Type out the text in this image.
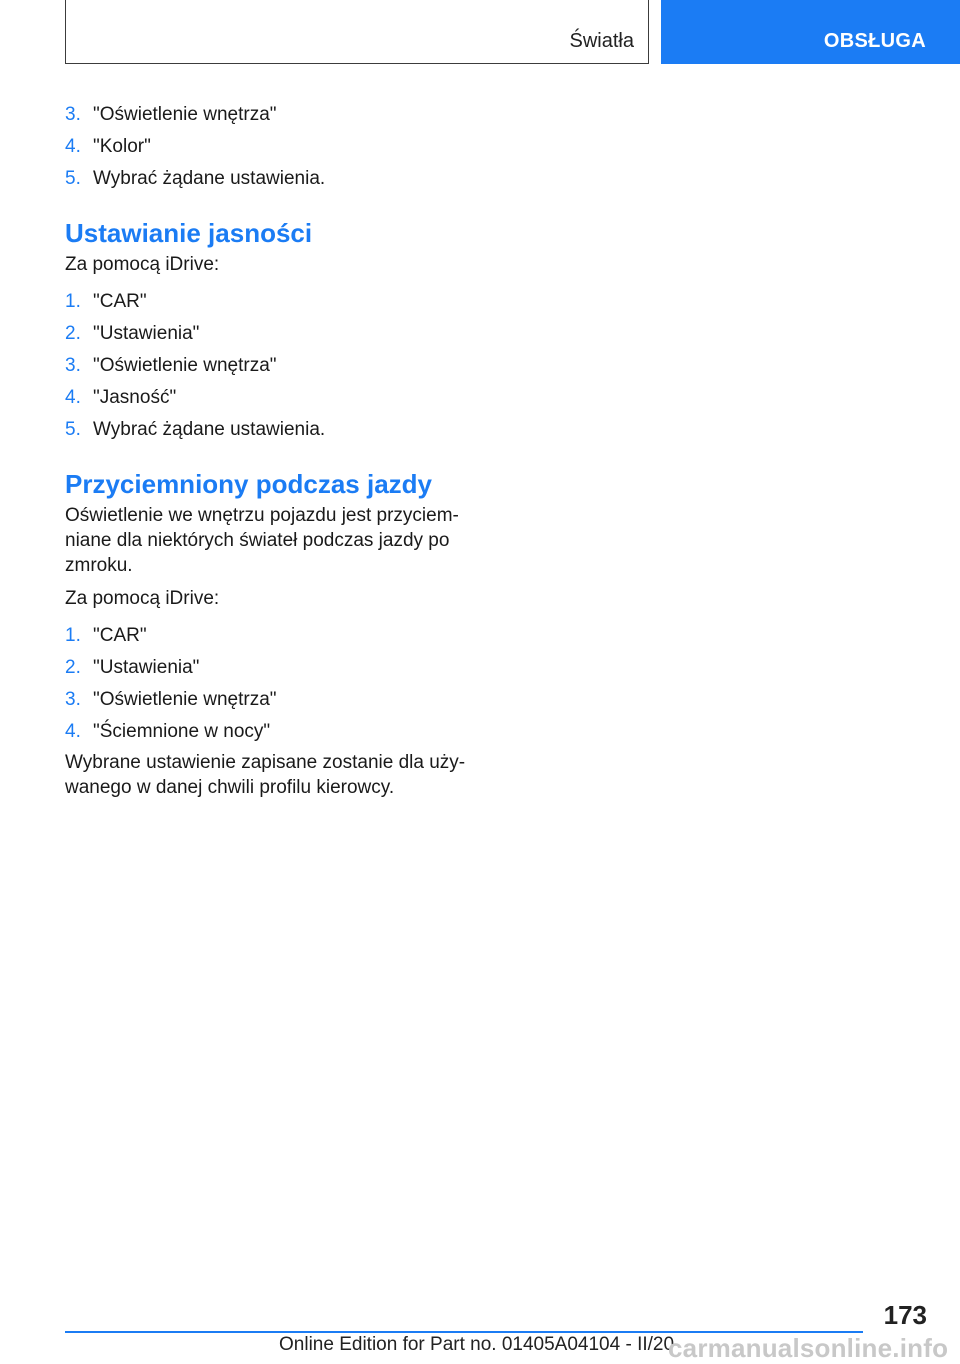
Światła	OBSŁUGA
3. "Oświetlenie wnętrza"
4. "Kolor"
5. Wybrać żądane ustawienia.
Ustawianie jasności

Za pomocą iDrive:

1. "CAR"
2. "Ustawienia"
3. "Oświetlenie wnętrza"
4. "Jasność"
5. Wybrać żądane ustawienia.
Przyciemniony podczas jazdy

Oświetlenie we wnętrzu pojazdu jest przyciem-niane dla niektórych świateł podczas jazdy po zmroku.

Za pomocą iDrive:

1. "CAR"
2. "Ustawienia"
3. "Oświetlenie wnętrza"
4. "Ściemnione w nocy"

Wybrane ustawienie zapisane zostanie dla uży-wanego w danej chwili profilu kierowcy.

173
Online Edition for Part no. 01405A04104 - II/20
carmanualsonline.info
